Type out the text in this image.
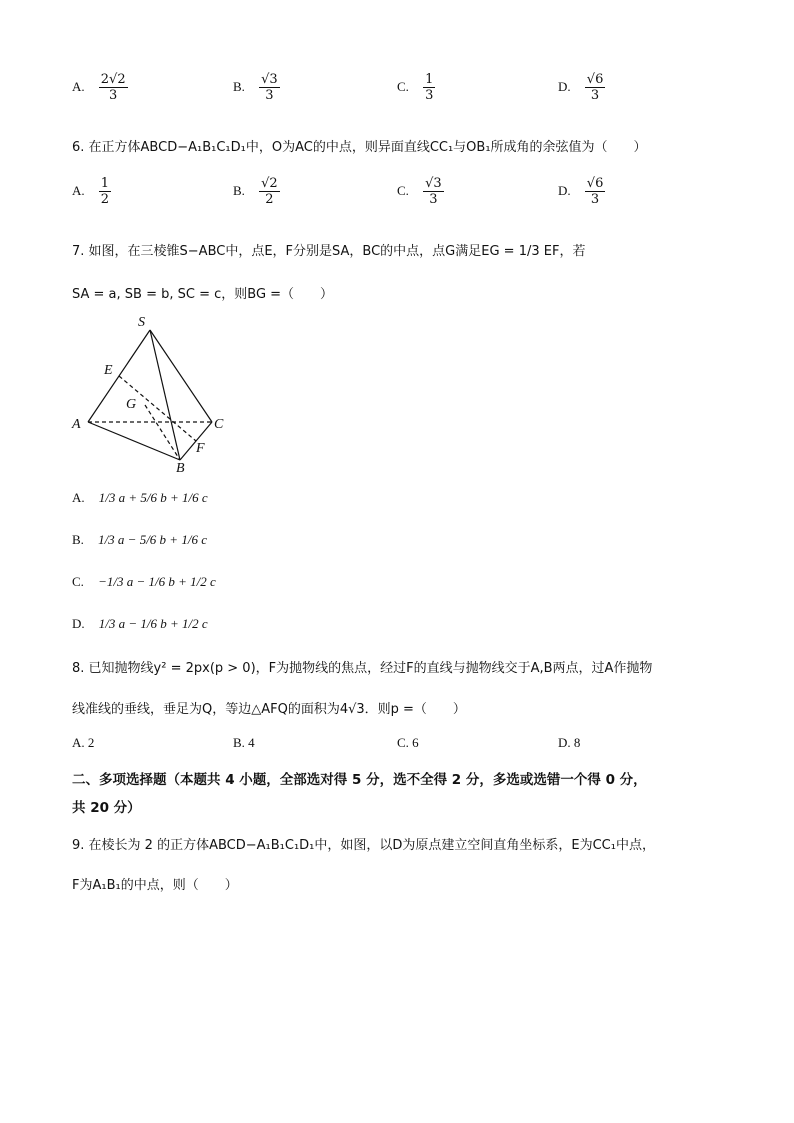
A. $\frac{2√2}{3}$	B. $\frac{√3}{3}$	C. $\frac{1}{3}$	D. $\frac{√6}{3}$
6. 在正方体ABCD−A₁B₁C₁D₁中，O为AC的中点，则异面直线CC₁与OB₁所成角的余弦值为（　　）
A. $\frac{1}{2}$	B. $\frac{√2}{2}$	C. $\frac{√3}{3}$	D. $\frac{√6}{3}$
7. 如图，在三棱锥S−ABC中，点E，F分别是SA，BC的中点，点G满足EG = 1/3 EF，若
SA = a, SB = b, SC = c，则BG =（　　）
S
E
G
A	C
F
B
A. 1/3 a + 5/6 b + 1/6 c
B. 1/3 a − 5/6 b + 1/6 c
C. −1/3 a − 1/6 b + 1/2 c
D. 1/3 a − 1/6 b + 1/2 c
8. 已知抛物线y² = 2px(p > 0)，F为抛物线的焦点，经过F的直线与抛物线交于A,B两点，过A作抛物
线准线的垂线，垂足为Q，等边△AFQ的面积为4√3．则p =（　　）
A. 2	B. 4	C. 6	D. 8
二、多项选择题（本题共 4 小题，全部选对得 5 分，选不全得 2 分，多选或选错一个得 0 分，
共 20 分）
9. 在棱长为 2 的正方体ABCD−A₁B₁C₁D₁中，如图，以D为原点建立空间直角坐标系，E为CC₁中点，
F为A₁B₁的中点，则（　　）
